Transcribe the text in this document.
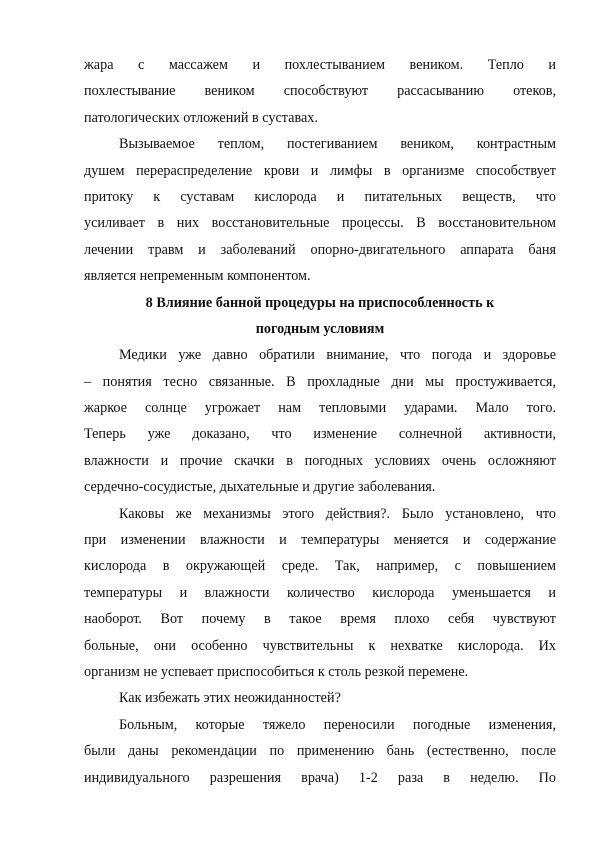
жара с массажем и похлестыванием веником. Тепло и
похлестывание веником способствуют рассасыванию отеков,
патологических отложений в суставах.
Вызываемое теплом, постегиванием веником, контрастным
душем перераспределение крови и лимфы в организме способствует
притоку к суставам кислорода и питательных веществ, что
усиливает в них восстановительные процессы. В восстановительном
лечении травм и заболеваний опорно-двигательного аппарата баня
является непременным компонентом.
8 Влияние банной процедуры на приспособленность к
погодным условиям
Медики уже давно обратили внимание, что погода и здоровье
– понятия тесно связанные. В прохладные дни мы простуживается,
жаркое солнце угрожает нам тепловыми ударами. Мало того.
Теперь уже доказано, что изменение солнечной активности,
влажности и прочие скачки в погодных условиях очень осложняют
сердечно-сосудистые, дыхательные и другие заболевания.
Каковы же механизмы этого действия?. Было установлено, что
при изменении влажности и температуры меняется и содержание
кислорода в окружающей среде. Так, например, с повышением
температуры и влажности количество кислорода уменьшается и
наоборот. Вот почему в такое время плохо себя чувствуют
больные, они особенно чувствительны к нехватке кислорода. Их
организм не успевает приспособиться к столь резкой перемене.
Как избежать этих неожиданностей?
Больным, которые тяжело переносили погодные изменения,
были даны рекомендации по применению бань (естественно, после
индивидуального разрешения врача) 1-2 раза в неделю. По
